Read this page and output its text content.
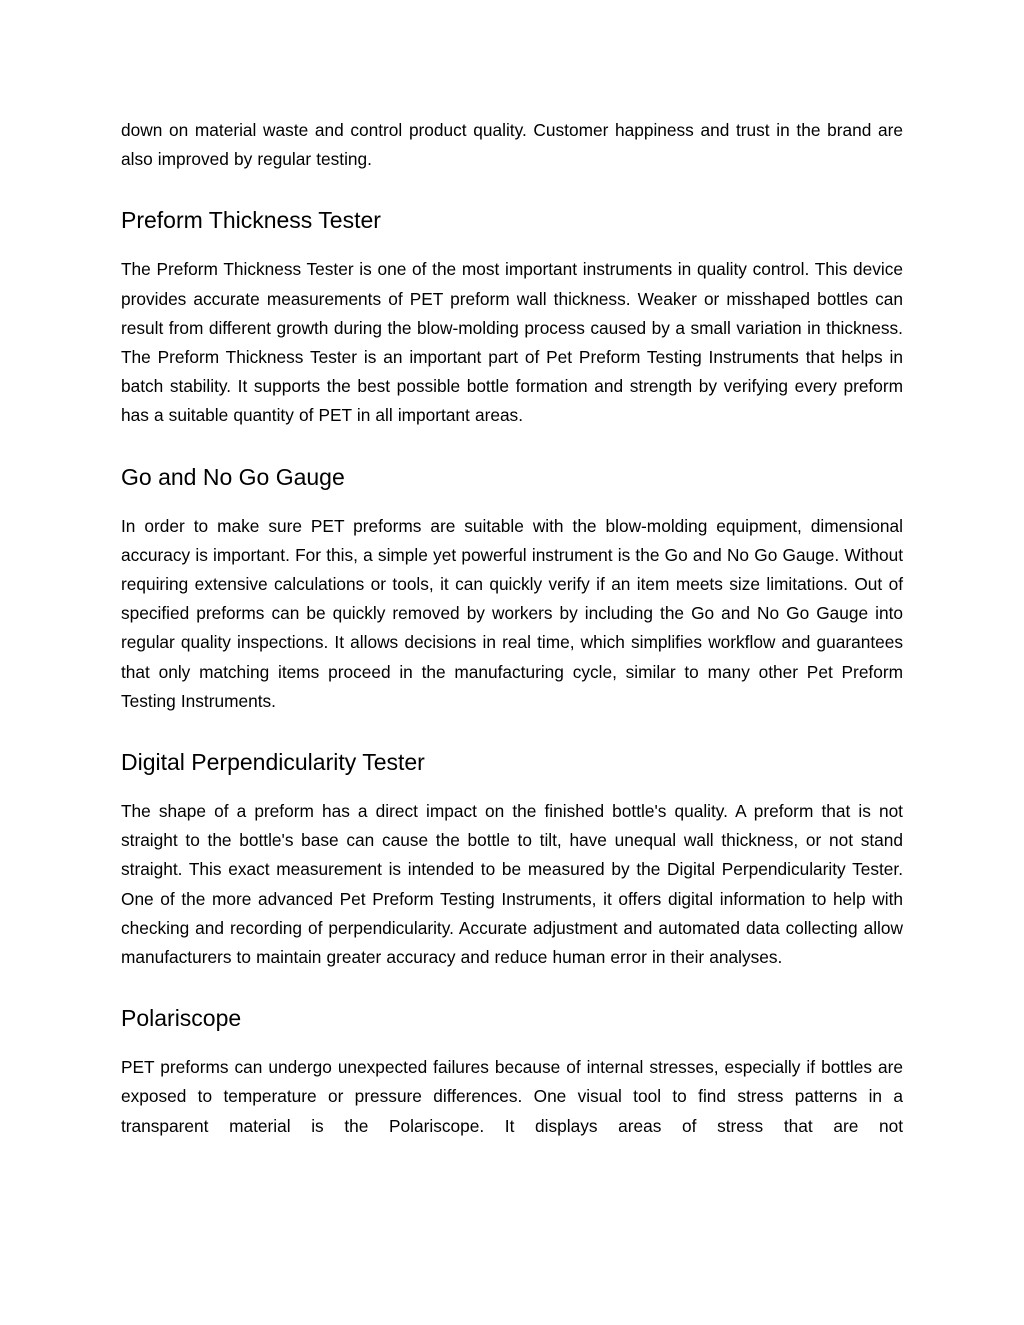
down on material waste and control product quality. Customer happiness and trust in the brand are also improved by regular testing.

Preform Thickness Tester

The Preform Thickness Tester is one of the most important instruments in quality control. This device provides accurate measurements of PET preform wall thickness. Weaker or misshaped bottles can result from different growth during the blow-molding process caused by a small variation in thickness. The Preform Thickness Tester is an important part of Pet Preform Testing Instruments that helps in batch stability. It supports the best possible bottle formation and strength by verifying every preform has a suitable quantity of PET in all important areas.

Go and No Go Gauge

In order to make sure PET preforms are suitable with the blow-molding equipment, dimensional accuracy is important. For this, a simple yet powerful instrument is the Go and No Go Gauge. Without requiring extensive calculations or tools, it can quickly verify if an item meets size limitations. Out of specified preforms can be quickly removed by workers by including the Go and No Go Gauge into regular quality inspections. It allows decisions in real time, which simplifies workflow and guarantees that only matching items proceed in the manufacturing cycle, similar to many other Pet Preform Testing Instruments.

Digital Perpendicularity Tester

The shape of a preform has a direct impact on the finished bottle's quality. A preform that is not straight to the bottle's base can cause the bottle to tilt, have unequal wall thickness, or not stand straight. This exact measurement is intended to be measured by the Digital Perpendicularity Tester. One of the more advanced Pet Preform Testing Instruments, it offers digital information to help with checking and recording of perpendicularity. Accurate adjustment and automated data collecting allow manufacturers to maintain greater accuracy and reduce human error in their analyses.

Polariscope

PET preforms can undergo unexpected failures because of internal stresses, especially if bottles are exposed to temperature or pressure differences. One visual tool to find stress patterns in a transparent material is the Polariscope. It displays areas of stress that are not
